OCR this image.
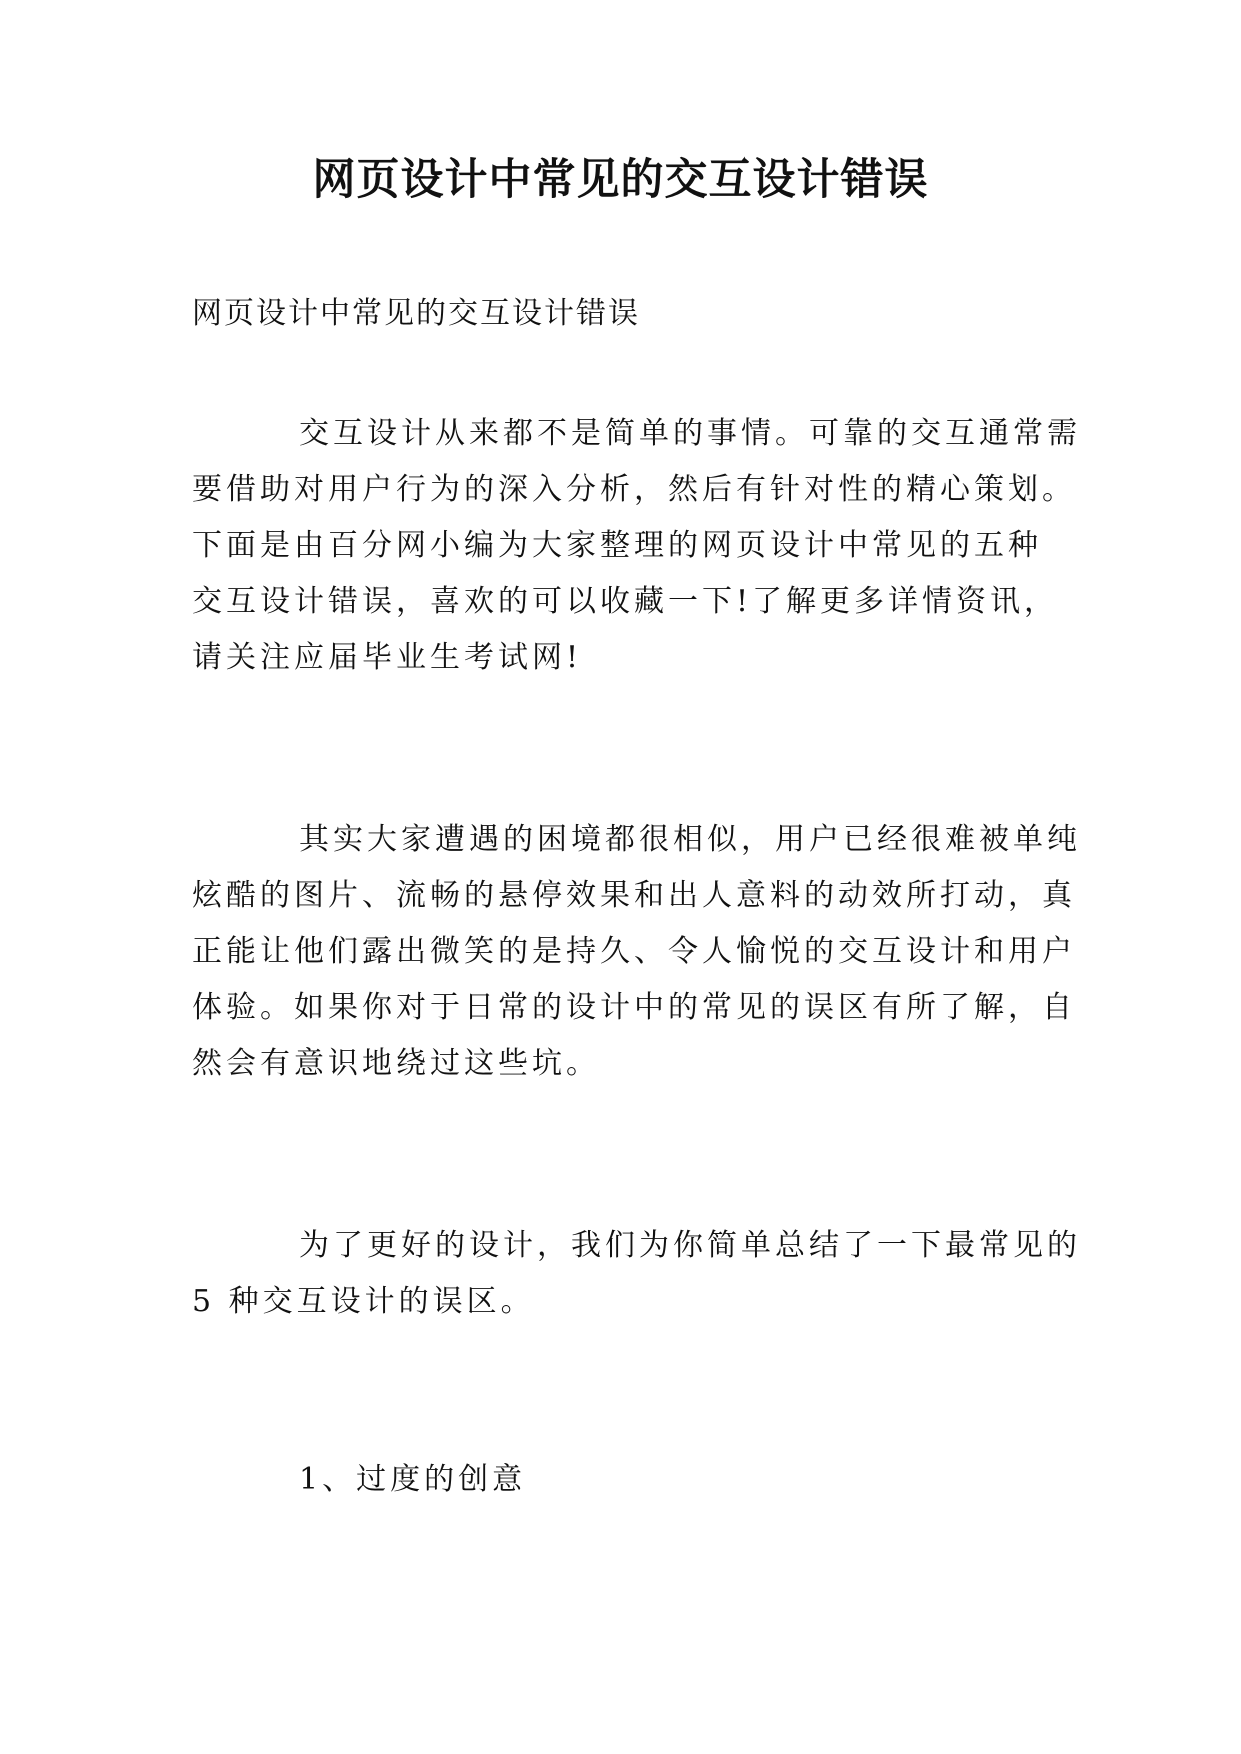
网页设计中常见的交互设计错误

网页设计中常见的交互设计错误

交互设计从来都不是简单的事情。可靠的交互通常需
要借助对用户行为的深入分析，然后有针对性的精心策划。
下面是由百分网小编为大家整理的网页设计中常见的五种
交互设计错误，喜欢的可以收藏一下!了解更多详情资讯，
请关注应届毕业生考试网!

其实大家遭遇的困境都很相似，用户已经很难被单纯
炫酷的图片、流畅的悬停效果和出人意料的动效所打动，真
正能让他们露出微笑的是持久、令人愉悦的交互设计和用户
体验。如果你对于日常的设计中的常见的误区有所了解，自
然会有意识地绕过这些坑。

为了更好的设计，我们为你简单总结了一下最常见的
5 种交互设计的误区。

1、过度的创意
